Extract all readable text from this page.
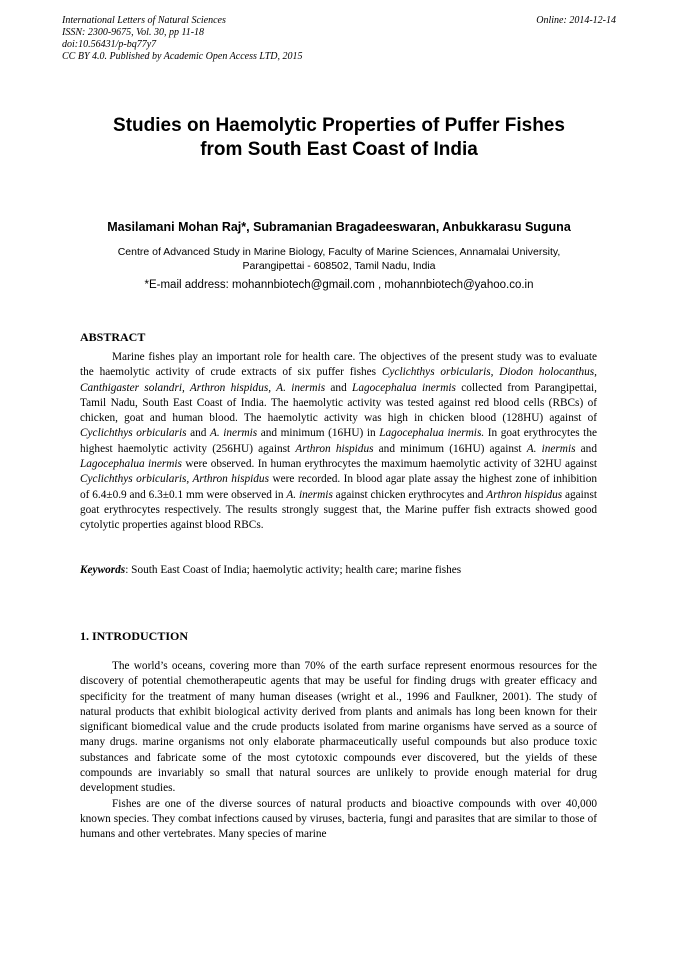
International Letters of Natural Sciences
ISSN: 2300-9675, Vol. 30, pp 11-18
doi:10.56431/p-bq77y7
CC BY 4.0. Published by Academic Open Access LTD, 2015
Online: 2014-12-14
Studies on Haemolytic Properties of Puffer Fishes
from South East Coast of India
Masilamani Mohan Raj*, Subramanian Bragadeeswaran, Anbukkarasu Suguna
Centre of Advanced Study in Marine Biology, Faculty of Marine Sciences, Annamalai University,
Parangipettai - 608502, Tamil Nadu, India
*E-mail address: mohannbiotech@gmail.com , mohannbiotech@yahoo.co.in
ABSTRACT

Marine fishes play an important role for health care. The objectives of the present study was to evaluate the haemolytic activity of crude extracts of six puffer fishes Cyclichthys orbicularis, Diodon holocanthus, Canthigaster solandri, Arthron hispidus, A. inermis and Lagocephalua inermis collected from Parangipettai, Tamil Nadu, South East Coast of India. The haemolytic activity was tested against red blood cells (RBCs) of chicken, goat and human blood. The haemolytic activity was high in chicken blood (128HU) against of Cyclichthys orbicularis and A. inermis and minimum (16HU) in Lagocephalua inermis. In goat erythrocytes the highest haemolytic activity (256HU) against Arthron hispidus and minimum (16HU) against A. inermis and Lagocephalua inermis were observed. In human erythrocytes the maximum haemolytic activity of 32HU against Cyclichthys orbicularis, Arthron hispidus were recorded. In blood agar plate assay the highest zone of inhibition of 6.4±0.9 and 6.3±0.1 mm were observed in A. inermis against chicken erythrocytes and Arthron hispidus against goat erythrocytes respectively. The results strongly suggest that, the Marine puffer fish extracts showed good cytolytic properties against blood RBCs.

Keywords: South East Coast of India; haemolytic activity; health care; marine fishes

1. INTRODUCTION

The world’s oceans, covering more than 70% of the earth surface represent enormous resources for the discovery of potential chemotherapeutic agents that may be useful for finding drugs with greater efficacy and specificity for the treatment of many human diseases (wright et al., 1996 and Faulkner, 2001). The study of natural products that exhibit biological activity derived from plants and animals has long been known for their significant biomedical value and the crude products isolated from marine organisms have served as a source of many drugs. marine organisms not only elaborate pharmaceutically useful compounds but also produce toxic substances and fabricate some of the most cytotoxic compounds ever discovered, but the yields of these compounds are invariably so small that natural sources are unlikely to provide enough material for drug development studies.

Fishes are one of the diverse sources of natural products and bioactive compounds with over 40,000 known species. They combat infections caused by viruses, bacteria, fungi and parasites that are similar to those of humans and other vertebrates. Many species of marine
